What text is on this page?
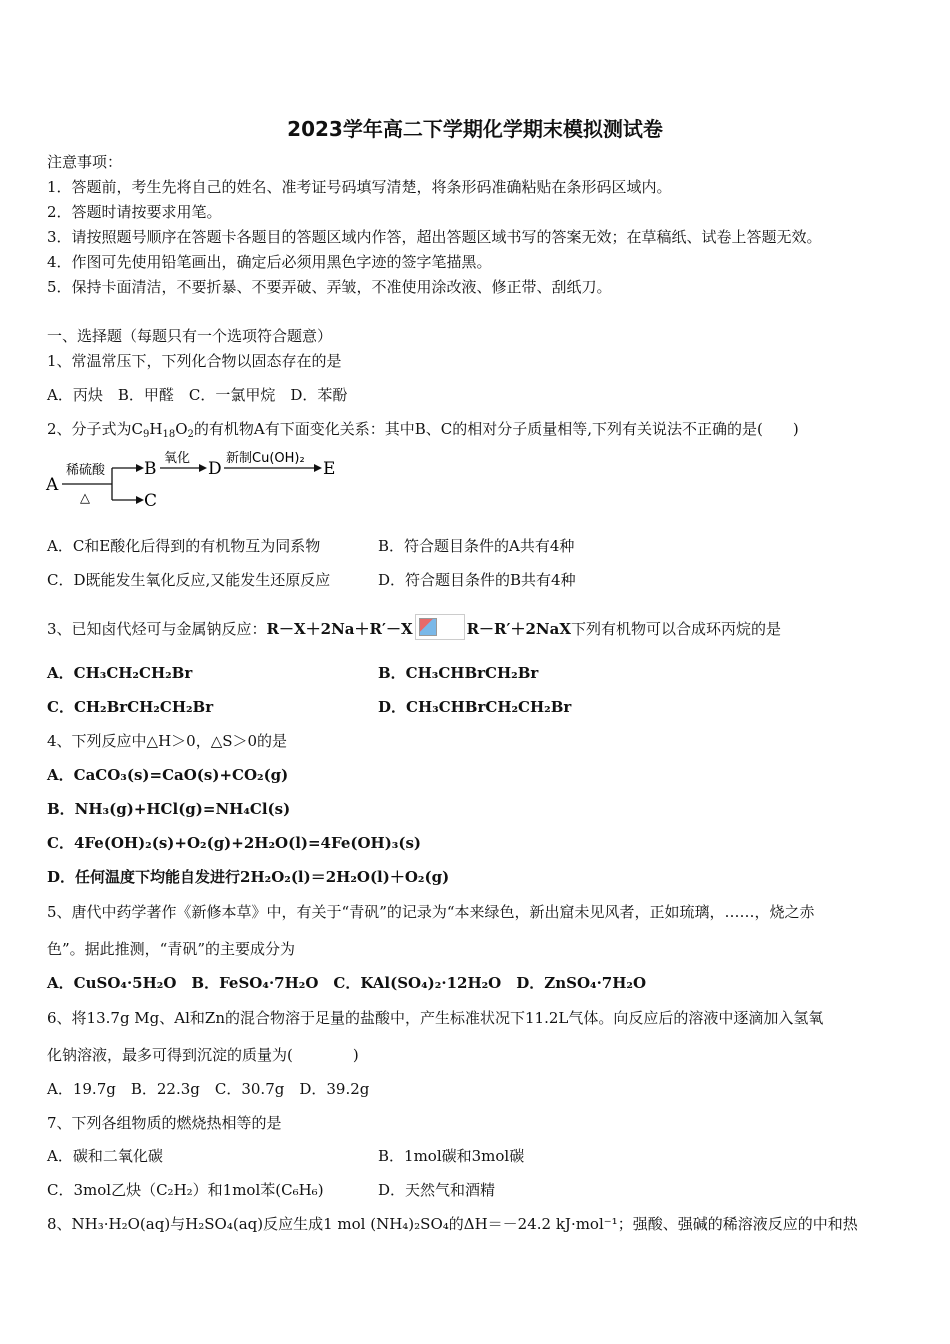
2023学年高二下学期化学期末模拟测试卷
注意事项：
1．答题前，考生先将自己的姓名、准考证号码填写清楚，将条形码准确粘贴在条形码区域内。
2．答题时请按要求用笔。
3．请按照题号顺序在答题卡各题目的答题区域内作答，超出答题区域书写的答案无效；在草稿纸、试卷上答题无效。
4．作图可先使用铅笔画出，确定后必须用黑色字迹的签字笔描黑。
5．保持卡面清洁，不要折暴、不要弄破、弄皱，不准使用涂改液、修正带、刮纸刀。
一、选择题（每题只有一个选项符合题意）
1、常温常压下，下列化合物以固态存在的是
A．丙炔　B．甲醛　C．一氯甲烷　D．苯酚
2、分子式为$C_9H_{18}O_2$的有机物A有下面变化关系：其中B、C的相对分子质量相等,下列有关说法不正确的是(　　)
A
稀硫酸
△
B
C
氧化
D
新制Cu(OH)₂
E
A．C和E酸化后得到的有机物互为同系物	B．符合题目条件的A共有4种
C．D既能发生氧化反应,又能发生还原反应	D．符合题目条件的B共有4种
3、已知卤代烃可与金属钠反应：R－X＋2Na＋R′－X	R－R′＋2NaX下列有机物可以合成环丙烷的是
A．CH₃CH₂CH₂Br	B．CH₃CHBrCH₂Br
C．CH₂BrCH₂CH₂Br	D．CH₃CHBrCH₂CH₂Br
4、下列反应中△H＞0，△S＞0的是
A．CaCO₃(s)=CaO(s)+CO₂(g)
B．NH₃(g)+HCl(g)=NH₄Cl(s)
C．4Fe(OH)₂(s)+O₂(g)+2H₂O(l)=4Fe(OH)₃(s)
D．任何温度下均能自发进行2H₂O₂(l)＝2H₂O(l)＋O₂(g)
5、唐代中药学著作《新修本草》中，有关于“青矾”的记录为“本来绿色，新出窟未见风者，正如琉璃，……，烧之赤
色”。据此推测，“青矾”的主要成分为
A．CuSO₄·5H₂O　B．FeSO₄·7H₂O　C．KAl(SO₄)₂·12H₂O　D．ZnSO₄·7H₂O
6、将13.7g Mg、Al和Zn的混合物溶于足量的盐酸中，产生标准状况下11.2L气体。向反应后的溶液中逐滴加入氢氧
化钠溶液，最多可得到沉淀的质量为(　　　　)
A．19.7g　B．22.3g　C．30.7g　D．39.2g
7、下列各组物质的燃烧热相等的是
A．碳和二氧化碳	B．1mol碳和3mol碳
C．3mol乙炔（C₂H₂）和1mol苯(C₆H₆)	D．天然气和酒精
8、NH₃·H₂O(aq)与H₂SO₄(aq)反应生成1 mol (NH₄)₂SO₄的ΔH＝－24.2 kJ·mol⁻¹；强酸、强碱的稀溶液反应的中和热
